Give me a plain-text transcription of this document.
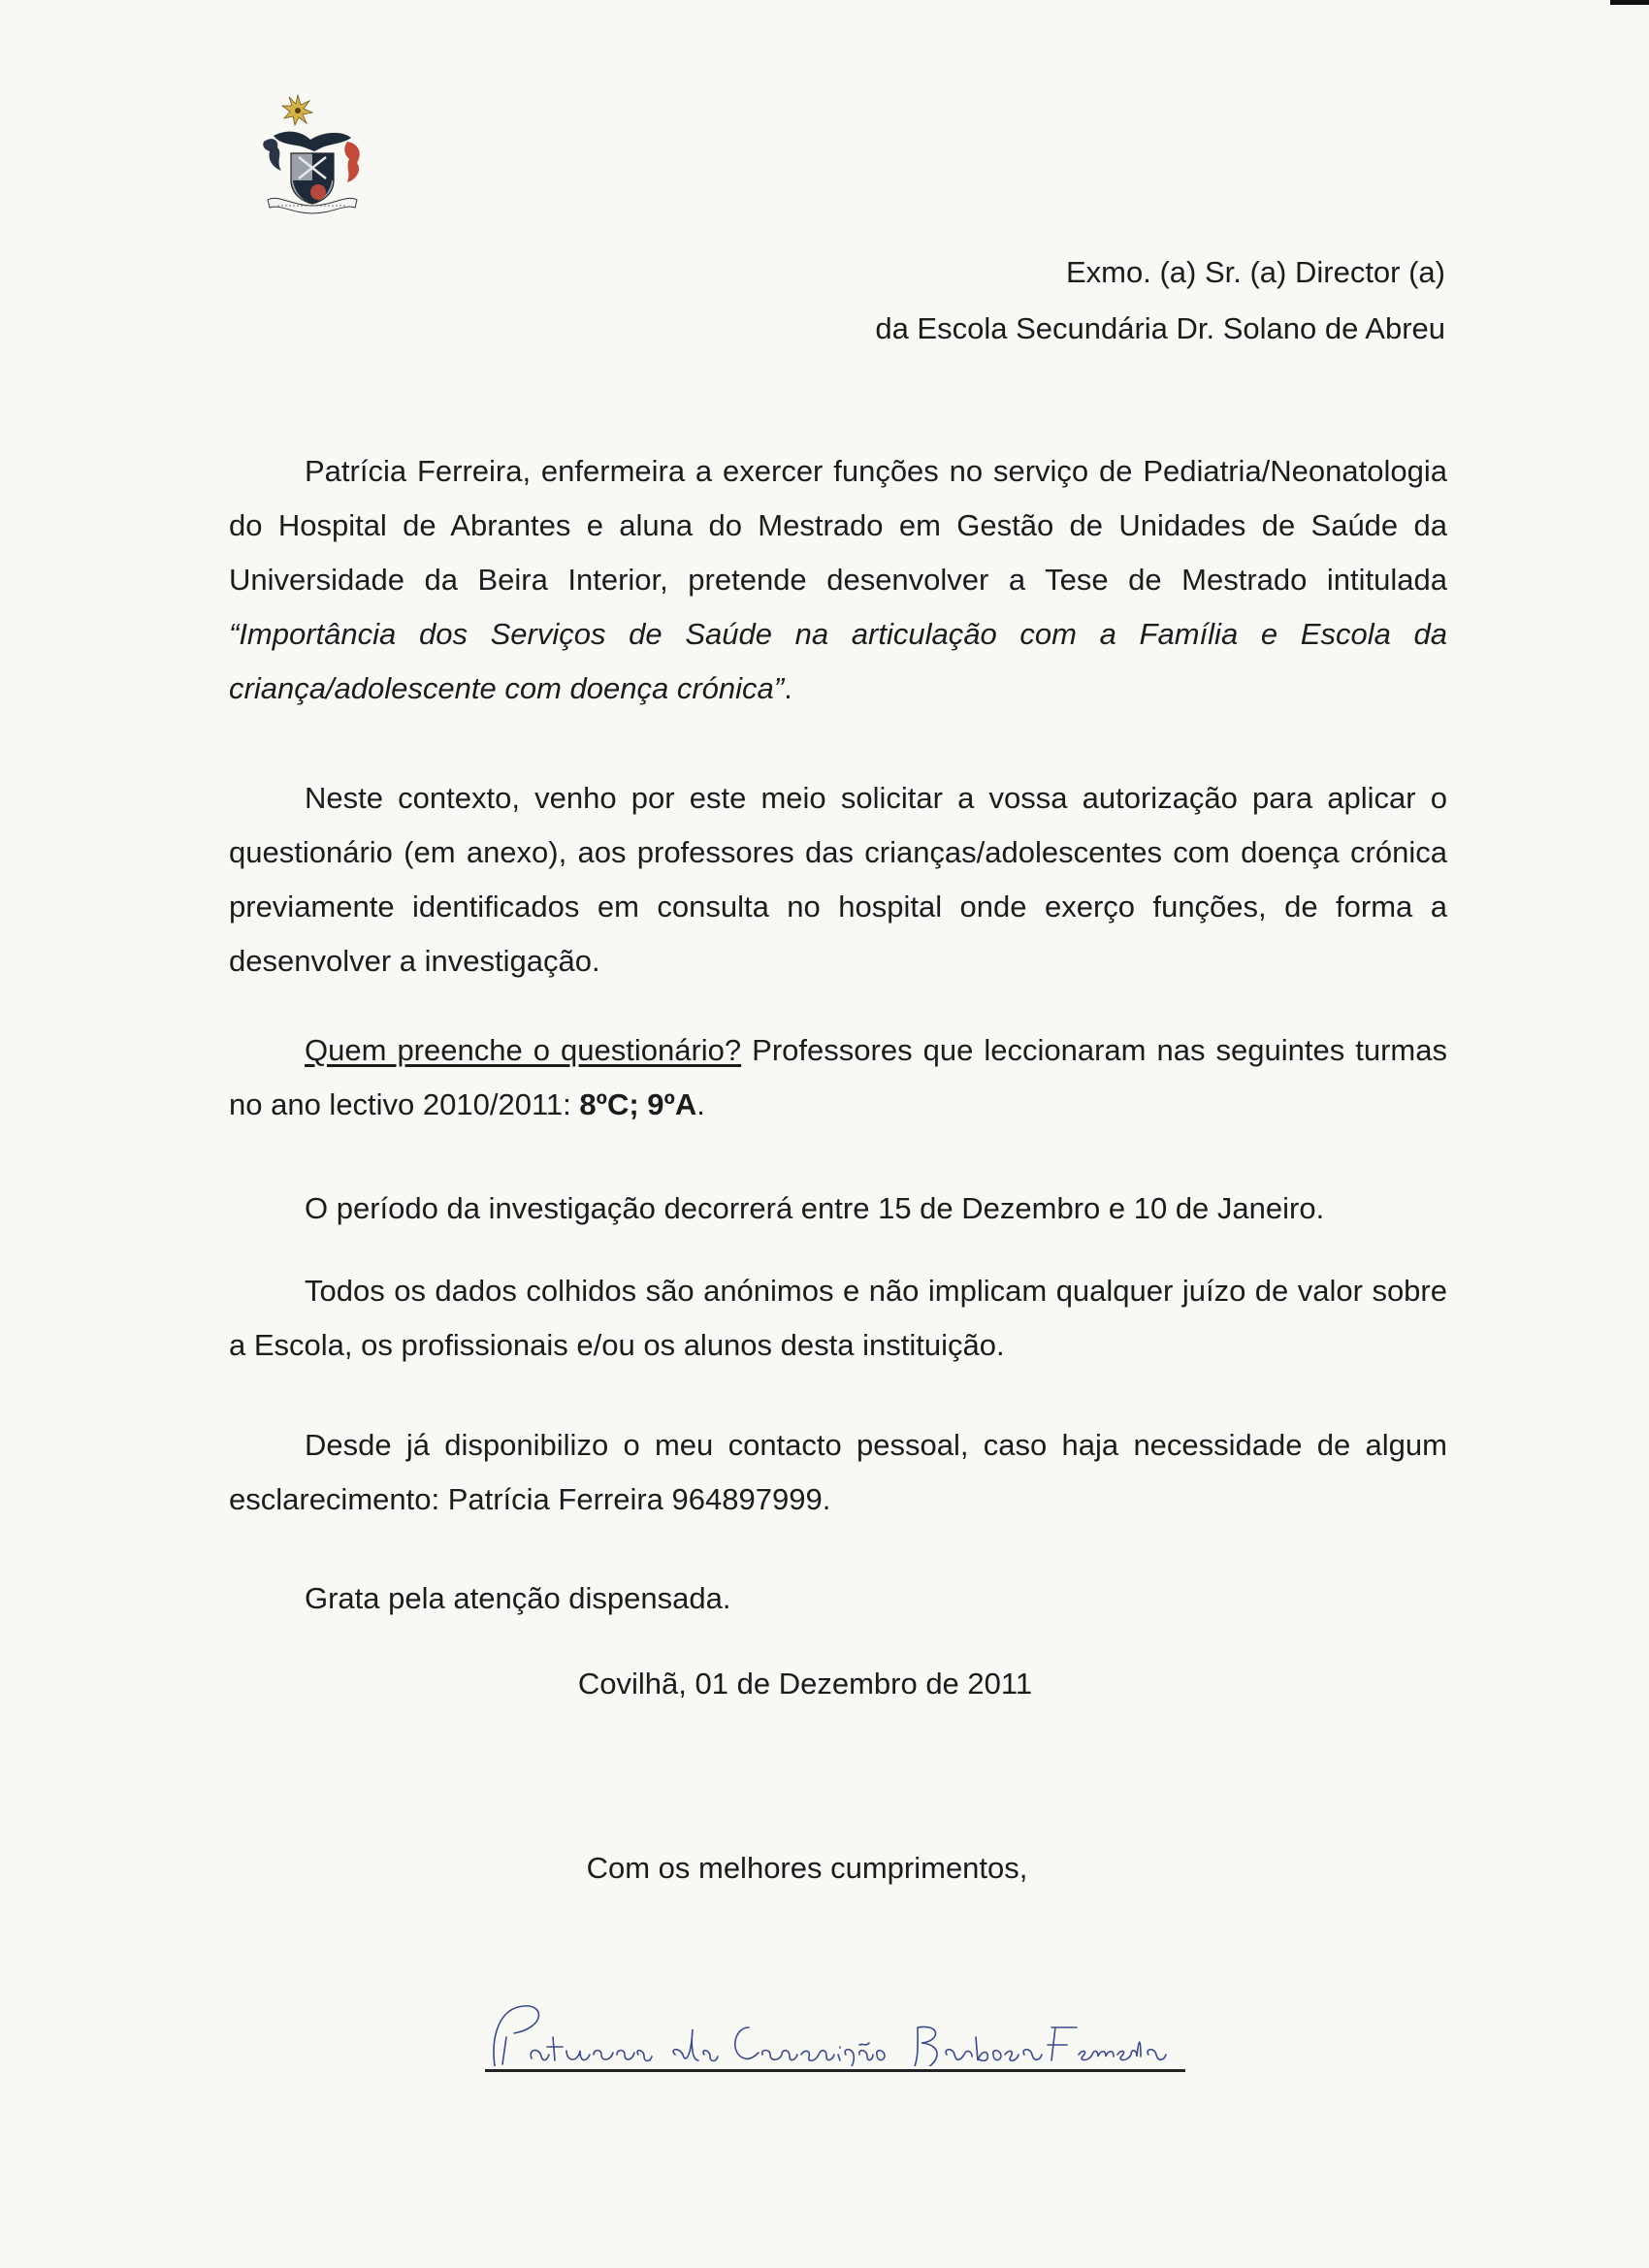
Exmo. (a) Sr. (a) Director (a)
da Escola Secundária Dr. Solano de Abreu

Patrícia Ferreira, enfermeira a exercer funções no serviço de Pediatria/Neonatologia do Hospital de Abrantes e aluna do Mestrado em Gestão de Unidades de Saúde da Universidade da Beira Interior, pretende desenvolver a Tese de Mestrado intitulada “Importância dos Serviços de Saúde na articulação com a Família e Escola da criança/adolescente com doença crónica”.

Neste contexto, venho por este meio solicitar a vossa autorização para aplicar o questionário (em anexo), aos professores das crianças/adolescentes com doença crónica previamente identificados em consulta no hospital onde exerço funções, de forma a desenvolver a investigação.

Quem preenche o questionário? Professores que leccionaram nas seguintes turmas no ano lectivo 2010/2011: 8ºC; 9ºA.

O período da investigação decorrerá entre 15 de Dezembro e 10 de Janeiro.

Todos os dados colhidos são anónimos e não implicam qualquer juízo de valor sobre a Escola, os profissionais e/ou os alunos desta instituição.

Desde já disponibilizo o meu contacto pessoal, caso haja necessidade de algum esclarecimento: Patrícia Ferreira 964897999.

Grata pela atenção dispensada.

Covilhã, 01 de Dezembro de 2011
Com os melhores cumprimentos,
